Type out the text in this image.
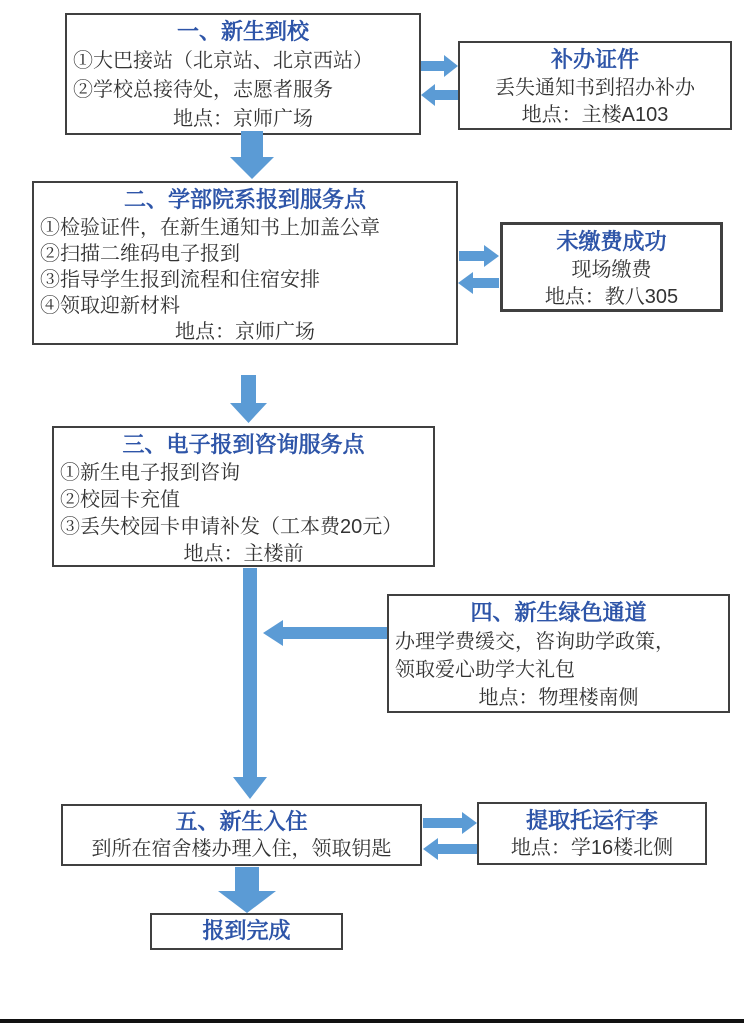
一、新生到校
①大巴接站（北京站、北京西站）
②学校总接待处，志愿者服务
地点：京师广场
补办证件
丢失通知书到招办补办
地点：主楼A103
二、学部院系报到服务点
①检验证件，在新生通知书上加盖公章
②扫描二维码电子报到
③指导学生报到流程和住宿安排
④领取迎新材料
地点：京师广场
未缴费成功
现场缴费
地点：教八305
三、电子报到咨询服务点
①新生电子报到咨询
②校园卡充值
③丢失校园卡申请补发（工本费20元）
地点：主楼前
四、新生绿色通道
办理学费缓交，咨询助学政策，
领取爱心助学大礼包
地点：物理楼南侧
五、新生入住
到所在宿舍楼办理入住，领取钥匙
提取托运行李
地点：学16楼北侧
报到完成
